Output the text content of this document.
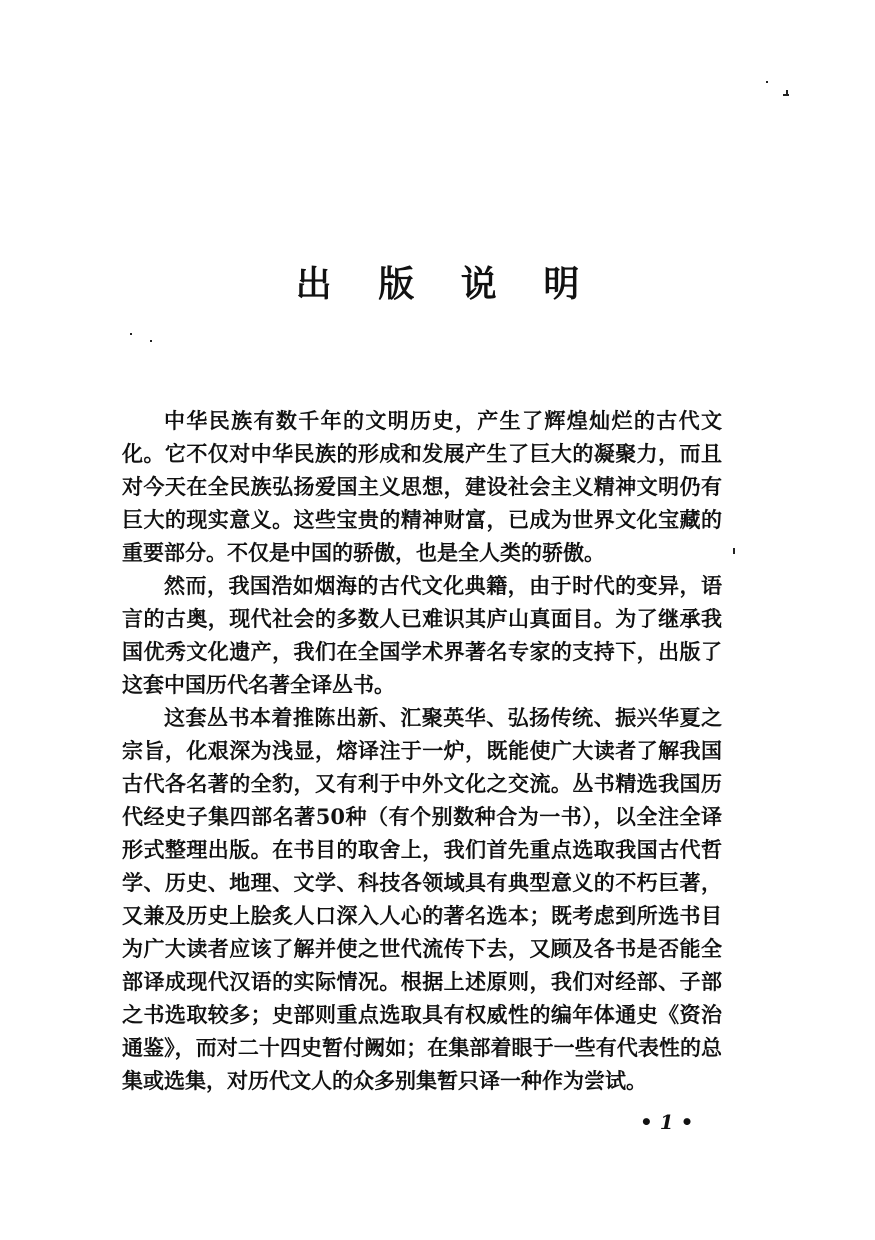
出 版 说 明
中华民族有数千年的文明历史，产生了辉煌灿烂的古代文
化。它不仅对中华民族的形成和发展产生了巨大的凝聚力，而且
对今天在全民族弘扬爱国主义思想，建设社会主义精神文明仍有
巨大的现实意义。这些宝贵的精神财富，已成为世界文化宝藏的
重要部分。不仅是中国的骄傲，也是全人类的骄傲。
然而，我国浩如烟海的古代文化典籍，由于时代的变异，语
言的古奥，现代社会的多数人已难识其庐山真面目。为了继承我
国优秀文化遗产，我们在全国学术界著名专家的支持下，出版了
这套中国历代名著全译丛书。
这套丛书本着推陈出新、汇聚英华、弘扬传统、振兴华夏之
宗旨，化艰深为浅显，熔译注于一炉，既能使广大读者了解我国
古代各名著的全豹，又有利于中外文化之交流。丛书精选我国历
代经史子集四部名著50种（有个别数种合为一书），以全注全译
形式整理出版。在书目的取舍上，我们首先重点选取我国古代哲
学、历史、地理、文学、科技各领域具有典型意义的不朽巨著，
又兼及历史上脍炙人口深入人心的著名选本；既考虑到所选书目
为广大读者应该了解并使之世代流传下去，又顾及各书是否能全
部译成现代汉语的实际情况。根据上述原则，我们对经部、子部
之书选取较多；史部则重点选取具有权威性的编年体通史《资治
通鉴》，而对二十四史暂付阙如；在集部着眼于一些有代表性的总
集或选集，对历代文人的众多别集暂只译一种作为尝试。
• 1 •
